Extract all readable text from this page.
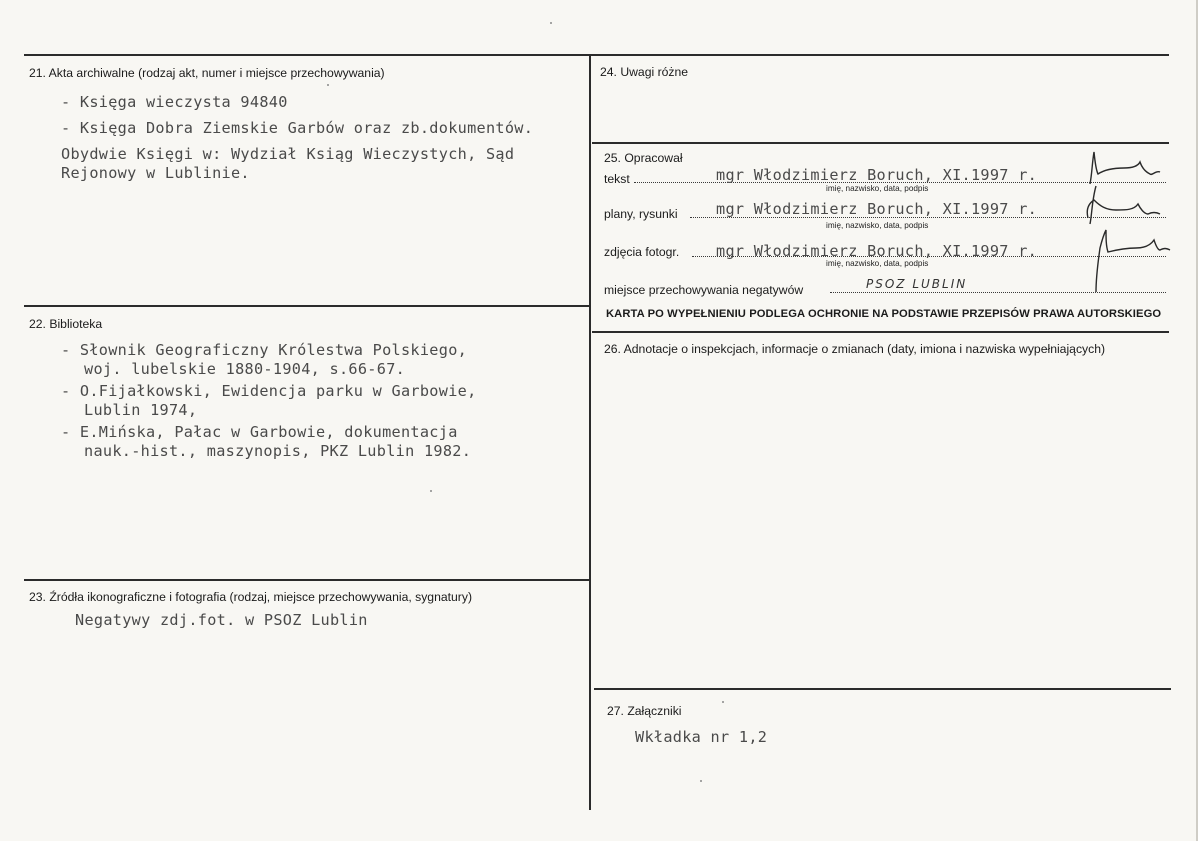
21. Akta archiwalne (rodzaj akt, numer i miejsce przechowywania)
- Księga wieczysta 94840
- Księga Dobra Ziemskie Garbów oraz zb.dokumentów.
Obydwie Księgi w: Wydział Ksiąg Wieczystych, Sąd
Rejonowy w Lublinie.
22. Biblioteka
- Słownik Geograficzny Królestwa Polskiego,
woj. lubelskie 1880-1904, s.66-67.
- O.Fijałkowski, Ewidencja parku w Garbowie,
Lublin 1974,
- E.Mińska, Pałac w Garbowie, dokumentacja
nauk.-hist., maszynopis, PKZ Lublin 1982.
23. Źródła ikonograficzne i fotografia (rodzaj, miejsce przechowywania, sygnatury)
Negatywy zdj.fot. w PSOZ Lublin
24. Uwagi różne
25. Opracował
tekst	mgr Włodzimierz Boruch, XI.1997 r.
imię, nazwisko, data, podpis
plany, rysunki	mgr Włodzimierz Boruch, XI.1997 r.
imię, nazwisko, data, podpis
zdjęcia fotogr. mgr Włodzimierz Boruch, XI.1997 r.
imię, nazwisko, data, podpis
miejsce przechowywania negatywów	PSOZ LUBLIN
KARTA PO WYPEŁNIENIU PODLEGA OCHRONIE NA PODSTAWIE PRZEPISÓW PRAWA AUTORSKIEGO
26. Adnotacje o inspekcjach, informacje o zmianach (daty, imiona i nazwiska wypełniających)
27. Załączniki
Wkładka nr 1,2
